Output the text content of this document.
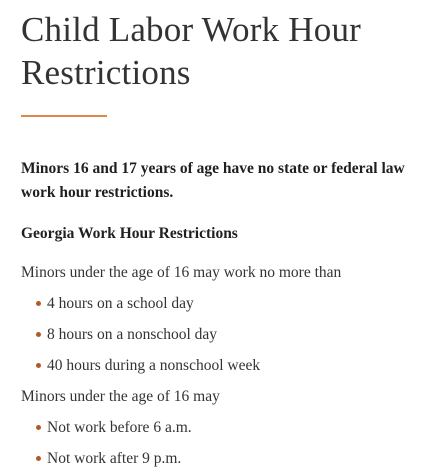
Child Labor Work Hour Restrictions

Minors 16 and 17 years of age have no state or federal law work hour restrictions.

Georgia Work Hour Restrictions

Minors under the age of 16 may work no more than

4 hours on a school day
8 hours on a nonschool day
40 hours during a nonschool week

Minors under the age of 16 may

Not work before 6 a.m.
Not work after 9 p.m.
